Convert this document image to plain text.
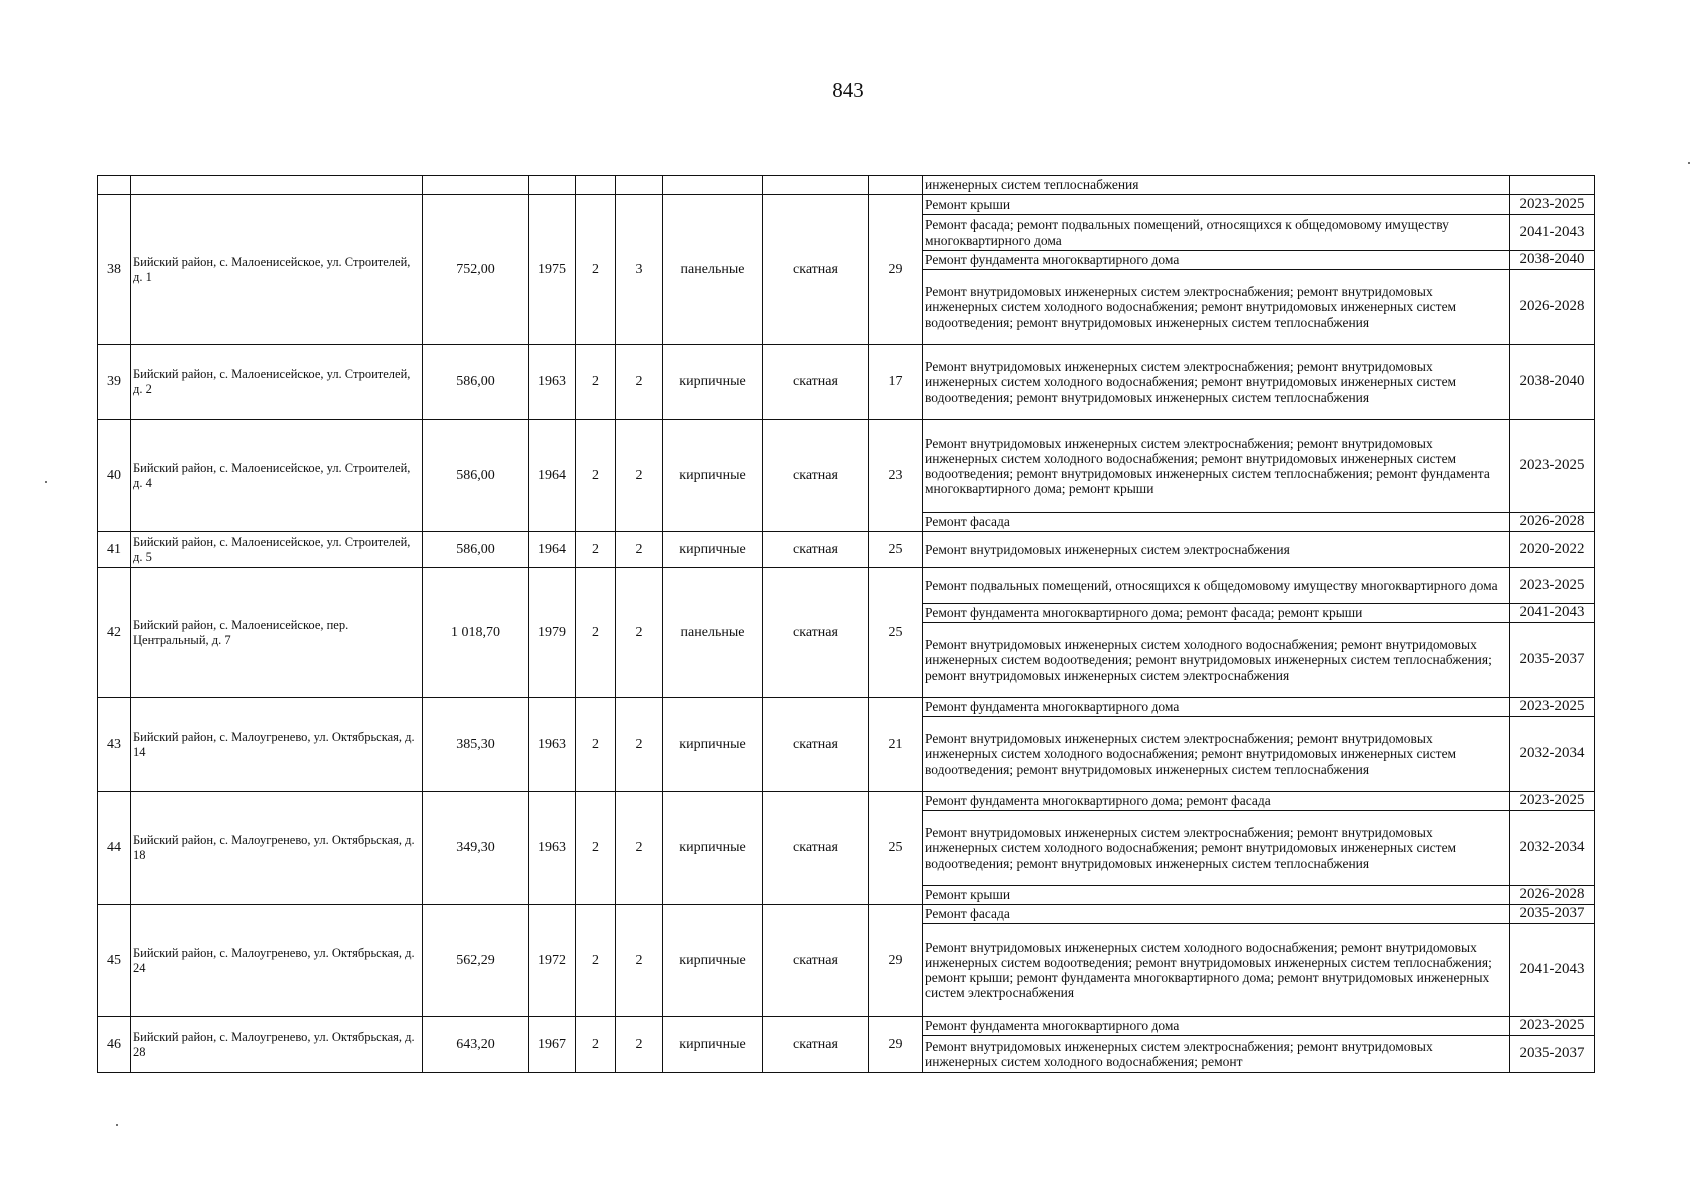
843
									инженерных систем теплоснабжения	
38	Бийский район, с. Малоенисейское, ул. Строителей, д. 1	752,00	1975	2	3	панельные	скатная	29	Ремонт крыши	2023-2025
									Ремонт фасада; ремонт подвальных помещений, относящихся к общедомовому имуществу многоквартирного дома	2041-2043
									Ремонт фундамента многоквартирного дома	2038-2040
									Ремонт внутридомовых инженерных систем электроснабжения; ремонт внутридомовых инженерных систем холодного водоснабжения; ремонт внутридомовых инженерных систем водоотведения; ремонт внутридомовых инженерных систем теплоснабжения	2026-2028
39	Бийский район, с. Малоенисейское, ул. Строителей, д. 2	586,00	1963	2	2	кирпичные	скатная	17	Ремонт внутридомовых инженерных систем электроснабжения; ремонт внутридомовых инженерных систем холодного водоснабжения; ремонт внутридомовых инженерных систем водоотведения; ремонт внутридомовых инженерных систем теплоснабжения	2038-2040
40	Бийский район, с. Малоенисейское, ул. Строителей, д. 4	586,00	1964	2	2	кирпичные	скатная	23	Ремонт внутридомовых инженерных систем электроснабжения; ремонт внутридомовых инженерных систем холодного водоснабжения; ремонт внутридомовых инженерных систем водоотведения; ремонт внутридомовых инженерных систем теплоснабжения; ремонт фундамента многоквартирного дома; ремонт крыши	2023-2025
									Ремонт фасада	2026-2028
41	Бийский район, с. Малоенисейское, ул. Строителей, д. 5	586,00	1964	2	2	кирпичные	скатная	25	Ремонт внутридомовых инженерных систем электроснабжения	2020-2022
42	Бийский район, с. Малоенисейское, пер. Центральный, д. 7	1 018,70	1979	2	2	панельные	скатная	25	Ремонт подвальных помещений, относящихся к общедомовому имуществу многоквартирного дома	2023-2025
									Ремонт фундамента многоквартирного дома; ремонт фасада; ремонт крыши	2041-2043
									Ремонт внутридомовых инженерных систем холодного водоснабжения; ремонт внутридомовых инженерных систем водоотведения; ремонт внутридомовых инженерных систем теплоснабжения; ремонт внутридомовых инженерных систем электроснабжения	2035-2037
43	Бийский район, с. Малоугренево, ул. Октябрьская, д. 14	385,30	1963	2	2	кирпичные	скатная	21	Ремонт фундамента многоквартирного дома	2023-2025
									Ремонт внутридомовых инженерных систем электроснабжения; ремонт внутридомовых инженерных систем холодного водоснабжения; ремонт внутридомовых инженерных систем водоотведения; ремонт внутридомовых инженерных систем теплоснабжения	2032-2034
44	Бийский район, с. Малоугренево, ул. Октябрьская, д. 18	349,30	1963	2	2	кирпичные	скатная	25	Ремонт фундамента многоквартирного дома; ремонт фасада	2023-2025
									Ремонт внутридомовых инженерных систем электроснабжения; ремонт внутридомовых инженерных систем холодного водоснабжения; ремонт внутридомовых инженерных систем водоотведения; ремонт внутридомовых инженерных систем теплоснабжения	2032-2034
									Ремонт крыши	2026-2028
45	Бийский район, с. Малоугренево, ул. Октябрьская, д. 24	562,29	1972	2	2	кирпичные	скатная	29	Ремонт фасада	2035-2037
									Ремонт внутридомовых инженерных систем холодного водоснабжения; ремонт внутридомовых инженерных систем водоотведения; ремонт внутридомовых инженерных систем теплоснабжения; ремонт крыши; ремонт фундамента многоквартирного дома; ремонт внутридомовых инженерных систем электроснабжения	2041-2043
46	Бийский район, с. Малоугренево, ул. Октябрьская, д. 28	643,20	1967	2	2	кирпичные	скатная	29	Ремонт фундамента многоквартирного дома	2023-2025
									Ремонт внутридомовых инженерных систем электроснабжения; ремонт внутридомовых инженерных систем холодного водоснабжения; ремонт	2035-2037
